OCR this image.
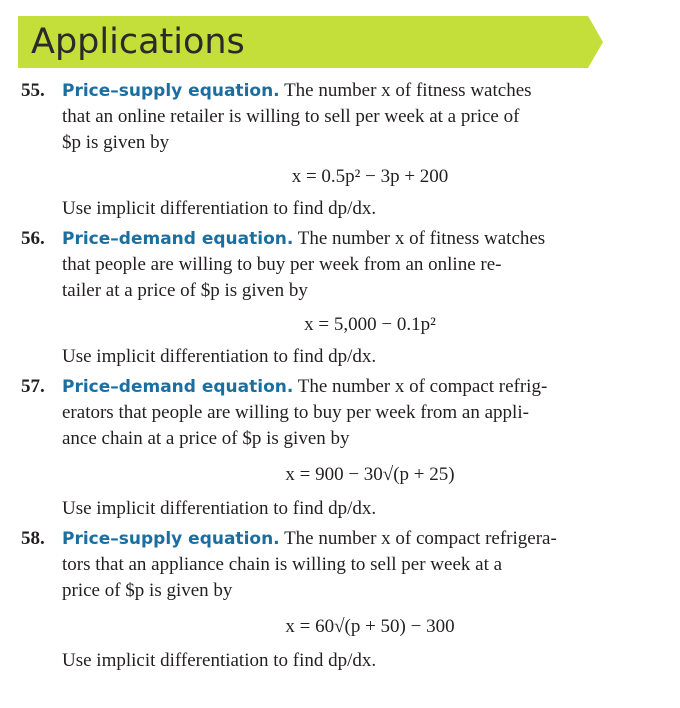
Applications
55. Price–supply equation. The number x of fitness watches
that an online retailer is willing to sell per week at a price of
$p is given by
x = 0.5p² − 3p + 200
Use implicit differentiation to find dp/dx.
56. Price–demand equation. The number x of fitness watches
that people are willing to buy per week from an online re-
tailer at a price of $p is given by
x = 5,000 − 0.1p²
Use implicit differentiation to find dp/dx.
57. Price–demand equation. The number x of compact refrig-
erators that people are willing to buy per week from an appli-
ance chain at a price of $p is given by
x = 900 − 30√(p + 25)
Use implicit differentiation to find dp/dx.
58. Price–supply equation. The number x of compact refrigera-
tors that an appliance chain is willing to sell per week at a
price of $p is given by
x = 60√(p + 50) − 300
Use implicit differentiation to find dp/dx.
